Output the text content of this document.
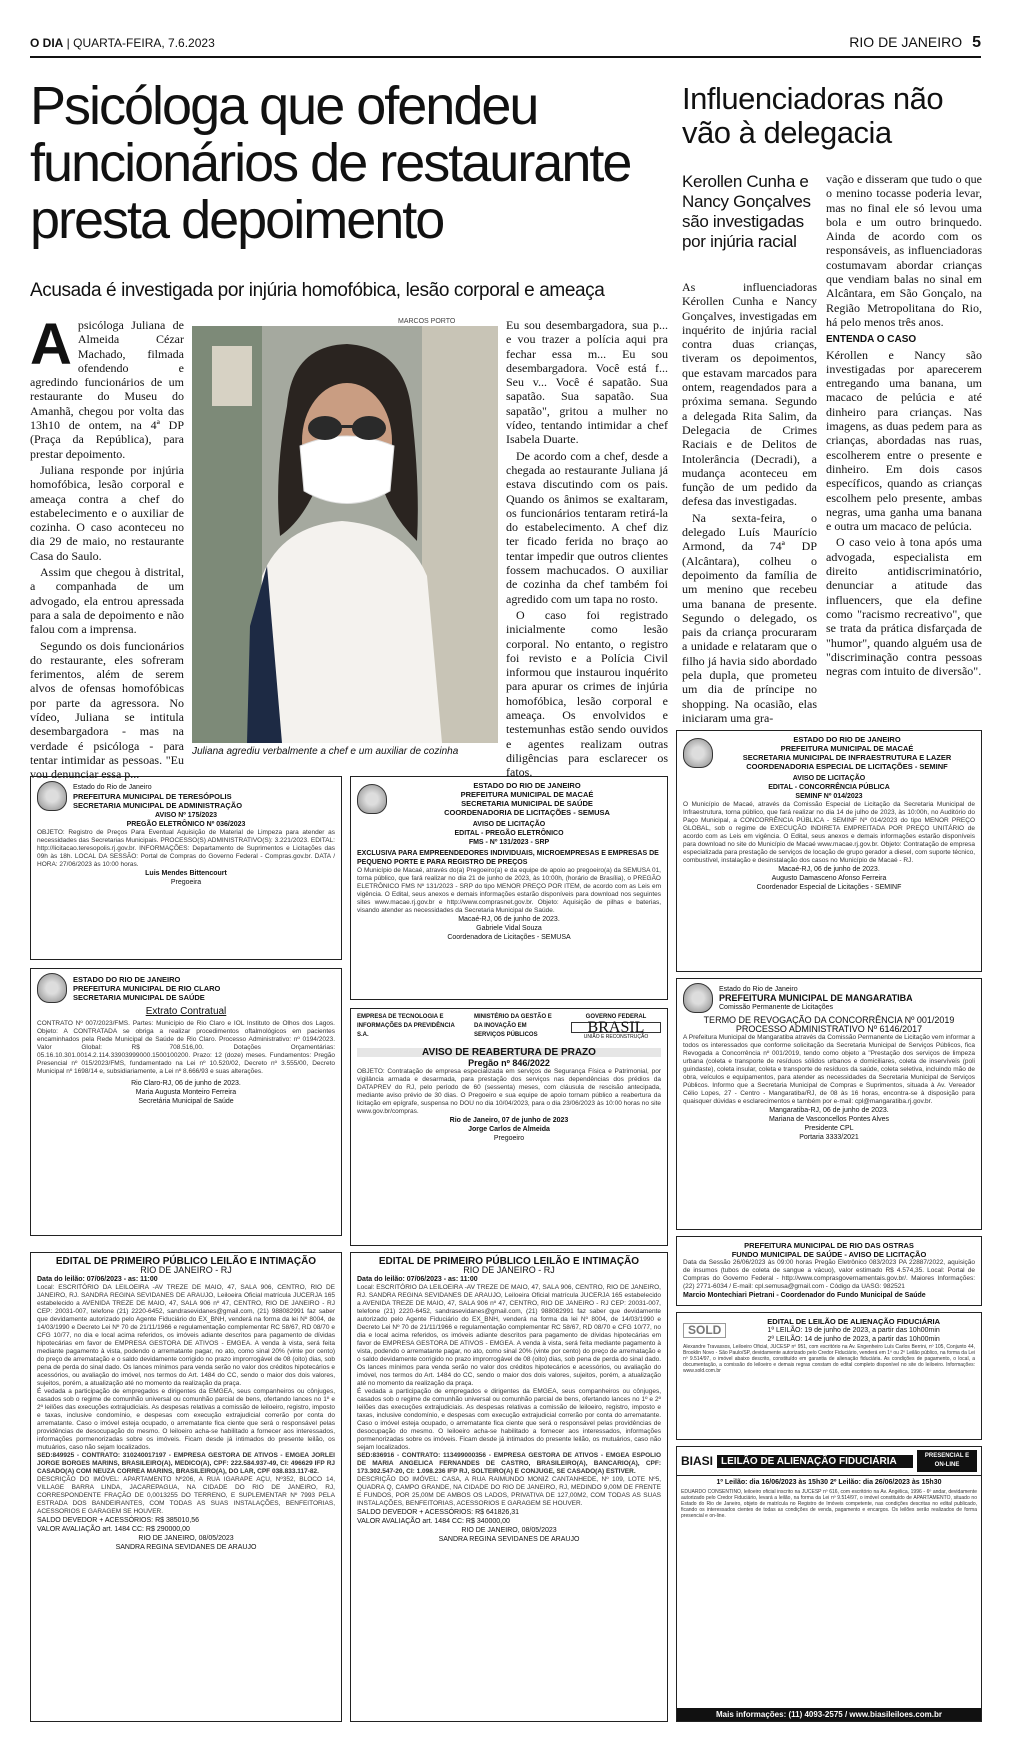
O DIA | QUARTA-FEIRA, 7.6.2023	RIO DE JANEIRO 5
Psicóloga que ofendeu funcionários de restaurante presta depoimento
Acusada é investigada por injúria homofóbica, lesão corporal e ameaça

Apsicóloga Juliana de Almeida Cézar Machado, filmada ofendendo e agredindo funcionários de um restaurante do Museu do Amanhã, chegou por volta das 13h10 de ontem, na 4ª DP (Praça da República), para prestar depoimento.

Juliana responde por injúria homofóbica, lesão corporal e ameaça contra a chef do estabelecimento e o auxiliar de cozinha. O caso aconteceu no dia 29 de maio, no restaurante Casa do Saulo.

Assim que chegou à distrital, a companhada de um advogado, ela entrou apressada para a sala de depoimento e não falou com a imprensa.

Segundo os dois funcionários do restaurante, eles sofreram ferimentos, além de serem alvos de ofensas homofóbicas por parte da agressora. No vídeo, Juliana se intitula desembargadora - mas na verdade é psicóloga - para tentar intimidar as pessoas. "Eu vou denunciar essa p...

MARCOS PORTO
Juliana agrediu verbalmente a chef e um auxiliar de cozinha

Eu sou desembargadora, sua p... e vou trazer a polícia aqui pra fechar essa m... Eu sou desembargadora. Você está f... Seu v... Você é sapatão. Sua sapatão. Sua sapatão. Sua sapatão", gritou a mulher no vídeo, tentando intimidar a chef Isabela Duarte.

De acordo com a chef, desde a chegada ao restaurante Juliana já estava discutindo com os pais. Quando os ânimos se exaltaram, os funcionários tentaram retirá-la do estabelecimento. A chef diz ter ficado ferida no braço ao tentar impedir que outros clientes fossem machucados. O auxiliar de cozinha da chef também foi agredido com um tapa no rosto.

O caso foi registrado inicialmente como lesão corporal. No entanto, o registro foi revisto e a Polícia Civil informou que instaurou inquérito para apurar os crimes de injúria homofóbica, lesão corporal e ameaça. Os envolvidos e testemunhas estão sendo ouvidos e agentes realizam outras diligências para esclarecer os fatos.

Influenciadoras não vão à delegacia
Kerollen Cunha e Nancy Gonçalves são investigadas por injúria racial

As influenciadoras Kérollen Cunha e Nancy Gonçalves, investigadas em inquérito de injúria racial contra duas crianças, tiveram os depoimentos, que estavam marcados para ontem, reagendados para a próxima semana. Segundo a delegada Rita Salim, da Delegacia de Crimes Raciais e de Delitos de Intolerância (Decradi), a mudança aconteceu em função de um pedido da defesa das investigadas.

Na sexta-feira, o delegado Luís Maurício Armond, da 74ª DP (Alcântara), colheu o depoimento da família de um menino que recebeu uma banana de presente. Segundo o delegado, os pais da criança procuraram a unidade e relataram que o filho já havia sido abordado pela dupla, que prometeu um dia de príncipe no shopping. Na ocasião, elas iniciaram uma gra-

vação e disseram que tudo o que o menino tocasse poderia levar, mas no final ele só levou uma bola e um outro brinquedo. Ainda de acordo com os responsáveis, as influenciadoras costumavam abordar crianças que vendiam balas no sinal em Alcântara, em São Gonçalo, na Região Metropolitana do Rio, há pelo menos três anos.

ENTENDA O CASO

Kérollen e Nancy são investigadas por aparecerem entregando uma banana, um macaco de pelúcia e até dinheiro para crianças. Nas imagens, as duas pedem para as crianças, abordadas nas ruas, escolherem entre o presente e dinheiro. Em dois casos específicos, quando as crianças escolhem pelo presente, ambas negras, uma ganha uma banana e outra um macaco de pelúcia.

O caso veio à tona após uma advogada, especialista em direito antidiscriminatório, denunciar a atitude das influencers, que ela define como "racismo recreativo", que se trata da prática disfarçada de "humor", quando alguém usa de "discriminação contra pessoas negras com intuito de diversão".

Estado do Rio de Janeiro
PREFEITURA MUNICIPAL DE TERESÓPOLIS
SECRETARIA MUNICIPAL DE ADMINISTRAÇÃO
AVISO Nº 175/2023
PREGÃO ELETRÔNICO Nº 036/2023
OBJETO: Registro de Preços Para Eventual Aquisição de Material de Limpeza para atender as necessidades das Secretarias Municipais. PROCESSO(S) ADMINISTRATIVO(S): 3.221/2023. EDITAL: http://licitacao.teresopolis.rj.gov.br. INFORMAÇÕES: Departamento de Suprimentos e Licitações das 09h às 18h. LOCAL DA SESSÃO: Portal de Compras do Governo Federal - Compras.gov.br. DATA / HORA: 27/06/2023 às 10:00 horas.
Luis Mendes Bittencourt
Pregoeira
ESTADO DO RIO DE JANEIRO
PREFEITURA MUNICIPAL DE MACAÉ
SECRETARIA MUNICIPAL DE SAÚDE
COORDENADORIA DE LICITAÇÕES - SEMUSA
AVISO DE LICITAÇÃO
EDITAL - PREGÃO ELETRÔNICO
FMS - Nº 131/2023 - SRP
EXCLUSIVA PARA EMPREENDEDORES INDIVIDUAIS, MICROEMPRESAS E EMPRESAS DE PEQUENO PORTE E PARA REGISTRO DE PREÇOS
O Município de Macaé, através do(a) Pregoeiro(a) e da equipe de apoio ao pregoeiro(a) da SEMUSA 01, torna público, que fará realizar no dia 21 de junho de 2023, às 10:00h, (horário de Brasília), o PREGÃO ELETRÔNICO FMS Nº 131/2023 - SRP do tipo MENOR PREÇO POR ITEM, de acordo com as Leis em vigência. O Edital, seus anexos e demais informações estarão disponíveis para download nos seguintes sites www.macae.rj.gov.br e http://www.comprasnet.gov.br. Objeto: Aquisição de pilhas e baterias, visando atender as necessidades da Secretaria Municipal de Saúde.
Macaé-RJ, 06 de junho de 2023.
Gabriele Vidal Souza
Coordenadora de Licitações - SEMUSA
ESTADO DO RIO DE JANEIRO
PREFEITURA MUNICIPAL DE MACAÉ
SECRETARIA MUNICIPAL DE INFRAESTRUTURA E LAZER
COORDENADORIA ESPECIAL DE LICITAÇÕES - SEMINF
AVISO DE LICITAÇÃO
EDITAL - CONCORRÊNCIA PÚBLICA
SEMINF Nº 014/2023
O Município de Macaé, através da Comissão Especial de Licitação da Secretaria Municipal de Infraestrutura, torna público, que fará realizar no dia 14 de julho de 2023, às 10:00h, no Auditório do Paço Municipal, a CONCORRÊNCIA PÚBLICA - SEMINF Nº 014/2023 do tipo MENOR PREÇO GLOBAL, sob o regime de EXECUÇÃO INDIRETA EMPREITADA POR PREÇO UNITÁRIO de acordo com as Leis em vigência. O Edital, seus anexos e demais informações estarão disponíveis para download no site do Município de Macaé www.macae.rj.gov.br. Objeto: Contratação de empresa especializada para prestação de serviços de locação de grupo gerador a diesel, com suporte técnico, combustível, instalação e desinstalação dos casos no Município de Macaé - RJ.
Macaé-RJ, 06 de junho de 2023.
Augusto Damasceno Afonso Ferreira
Coordenador Especial de Licitações - SEMINF
ESTADO DO RIO DE JANEIRO
PREFEITURA MUNICIPAL DE RIO CLARO
SECRETARIA MUNICIPAL DE SAÚDE
Extrato Contratual
CONTRATO Nº 007/2023/FMS. Partes: Município de Rio Claro e IOL Instituto de Olhos dos Lagos. Objeto: A CONTRATADA se obriga a realizar procedimentos oftalmológicos em pacientes encaminhados pela Rede Municipal de Saúde de Rio Claro. Processo Administrativo: nº 0194/2023. Valor Global: R$ 708.516,00. Dotações Orçamentárias: 05.16.10.301.0014.2.114.33903999000.1500100200. Prazo: 12 (doze) meses. Fundamentos: Pregão Presencial nº 015/2023/FMS, fundamentado na Lei nº 10.520/02, Decreto nº 3.555/00, Decreto Municipal nº 1698/14 e, subsidiariamente, a Lei nº 8.666/93 e suas alterações.
Rio Claro-RJ, 06 de junho de 2023.
Maria Augusta Monteiro Ferreira
Secretária Municipal de Saúde
EMPRESA DE TECNOLOGIA E INFORMAÇÕES DA PREVIDÊNCIA S.A.
MINISTÉRIO DA GESTÃO E DA INOVAÇÃO EM SERVIÇOS PÚBLICOS
GOVERNO FEDERAL
BRASIL
UNIÃO E RECONSTRUÇÃO
AVISO DE REABERTURA DE PRAZO
Pregão nº 846/2022
OBJETO: Contratação de empresa especializada em serviços de Segurança Física e Patrimonial, por vigilância armada e desarmada, para prestação dos serviços nas dependências dos prédios da DATAPREV do RJ, pelo período de 60 (sessenta) meses, com cláusula de rescisão antecipada, mediante aviso prévio de 30 dias. O Pregoeiro e sua equipe de apoio tornam público a reabertura da licitação em epígrafe, suspensa no DOU no dia 10/04/2023, para o dia 23/06/2023 às 10:00 horas no site www.gov.br/compras.
Rio de Janeiro, 07 de junho de 2023
Jorge Carlos de Almeida
Pregoeiro
Estado do Rio de Janeiro
PREFEITURA MUNICIPAL DE MANGARATIBA
Comissão Permanente de Licitações
TERMO DE REVOGAÇÃO DA CONCORRÊNCIA Nº 001/2019
PROCESSO ADMINISTRATIVO Nº 6146/2017
A Prefeitura Municipal de Mangaratiba através da Comissão Permanente de Licitação vem informar a todos os interessados que conforme solicitação da Secretaria Municipal de Serviços Públicos, fica Revogada a Concorrência nº 001/2019, tendo como objeto a "Prestação dos serviços de limpeza urbana (coleta e transporte de resíduos sólidos urbanos e domiciliares, coleta de inservíveis (poli guindaste), coleta insular, coleta e transporte de resíduos da saúde, coleta seletiva, incluindo mão de obra, veículos e equipamentos, para atender as necessidades da Secretaria Municipal de Serviços Públicos. Informo que a Secretaria Municipal de Compras e Suprimentos, situada à Av. Vereador Célio Lopes, 27 - Centro - Mangaratiba/RJ, de 08 às 16 horas, encontra-se à disposição para quaisquer dúvidas e esclarecimentos e também por e-mail: cpl@mangaratiba.rj.gov.br.
Mangaratiba-RJ, 06 de junho de 2023.
Mariana de Vasconcellos Pontes Alves
Presidente CPL
Portaria 3333/2021
PREFEITURA MUNICIPAL DE RIO DAS OSTRAS
FUNDO MUNICIPAL DE SAÚDE - AVISO DE LICITAÇÃO
Data da Sessão 26/06/2023 às 09:00 horas Pregão Eletrônico 083/2023 PA 22887/2022, aquisição de insumos (tubos de coleta de sangue a vácuo), valor estimado R$ 4.574,35. Local: Portal de Compras do Governo Federal - http://www.comprasgovernamentais.gov.br/. Maiores Informações: (22) 2771-6034 / E-mail: cpl.semusa@gmail.com - Código da UASG: 982521
Marcio Montechiari Pietrani - Coordenador do Fundo Municipal de Saúde
SOLD
EDITAL DE LEILÃO DE ALIENAÇÃO FIDUCIÁRIA
1º LEILÃO: 19 de junho de 2023, a partir das 10h00min
2º LEILÃO: 14 de junho de 2023, a partir das 10h00min
Alexandre Travassos, Leiloeiro Oficial, JUCESP nº 951, com escritório na Av. Engenheiro Luís Carlos Berrini, nº 105, Conjunto 44, Brooklin Novo - São Paulo/SP, devidamente autorizado pelo Credor Fiduciário, venderá em 1º ou 2º Leilão público, na forma da Lei nº 9.514/97, o imóvel abaixo descrito, constituído em garantia de alienação fiduciária. As condições de pagamento, o local, a documentação, a comissão do leiloeiro e demais regras constam do edital completo disponível no site do leiloeiro. Informações: www.sold.com.br
BIASI LEILÃO DE ALIENAÇÃO FIDUCIÁRIA	PRESENCIAL E ON-LINE
1º Leilão: dia 16/06/2023 às 15h30 2º Leilão: dia 26/06/2023 às 15h30
EDUARDO CONSENTINO, leiloeiro oficial inscrito na JUCESP nº 616, com escritório na Av. Angélica, 1996 - 6º andar, devidamente autorizado pelo Credor Fiduciário, levará a leilão, na forma da Lei nº 9.514/97, o imóvel constituído de APARTAMENTO, situado no Estado do Rio de Janeiro, objeto de matrícula no Registro de Imóveis competente, nas condições descritas no edital publicado, ficando os interessados cientes de todas as condições de venda, pagamento e encargos. Os leilões serão realizados de forma presencial e on-line.
Mais informações: (11) 4093-2575 / www.biasileiloes.com.br
EDITAL DE PRIMEIRO PÚBLICO LEILÃO E INTIMAÇÃO
RIO DE JANEIRO - RJ
Data do leilão: 07/06/2023 - as: 11:00
Local: ESCRITÓRIO DA LEILOEIRA -AV TREZE DE MAIO, 47, SALA 906, CENTRO, RIO DE JANEIRO, RJ. SANDRA REGINA SEVIDANES DE ARAUJO, Leiloeira Oficial matrícula JUCERJA 165 estabelecido a AVENIDA TREZE DE MAIO, 47, SALA 906 nº 47, CENTRO, RIO DE JANEIRO - RJ CEP: 20031-007, telefone (21) 2220-6452, sandrasevidanes@gmail.com, (21) 988082991 faz saber que devidamente autorizado pelo Agente Fiduciário do EX_BNH, venderá na forma da lei Nº 8004, de 14/03/1990 e Decreto Lei Nº 70 de 21/11/1966 e regulamentação complementar RC 58/67, RD 08/70 e CFG 10/77, no dia e local acima referidos, os imóveis adiante descritos para pagamento de dívidas hipotecárias em favor de EMPRESA GESTORA DE ATIVOS - EMGEA. A venda à vista, será feita mediante pagamento à vista, podendo o arrematante pagar, no ato, como sinal 20% (vinte por cento) do preço de arrematação e o saldo devidamente corrigido no prazo improrrogável de 08 (oito) dias, sob pena de perda do sinal dado. Os lances mínimos para venda serão no valor dos créditos hipotecários e acessórios, ou avaliação do imóvel, nos termos do Art. 1484 do CC, sendo o maior dos dois valores, sujeitos, porém, a atualização até no momento da realização da praça.
É vedada a participação de empregados e dirigentes da EMGEA, seus companheiros ou cônjuges, casados sob o regime de comunhão universal ou comunhão parcial de bens, ofertando lances no 1º e 2º leilões das execuções extrajudiciais. As despesas relativas a comissão de leiloeiro, registro, imposto e taxas, inclusive condomínio, e despesas com execução extrajudicial correrão por conta do arrematante. Caso o imóvel esteja ocupado, o arrematante fica ciente que será o responsável pelas providências de desocupação do mesmo. O leiloeiro acha-se habilitado a fornecer aos interessados, informações pormenorizadas sobre os imóveis. Ficam desde já intimados do presente leilão, os mutuários, caso não sejam localizados.
SED:849925 - CONTRATO: 310240017197 - EMPRESA GESTORA DE ATIVOS - EMGEA JORLEI JORGE BORGES MARINS, BRASILEIRO(A), MEDICO(A), CPF: 222.584.937-49, CI: 496629 IFP RJ CASADO(A) COM NEUZA CORREA MARINS, BRASILEIRO(A), DO LAR, CPF 038.833.117-82.
DESCRIÇÃO DO IMÓVEL: APARTAMENTO Nº206, A RUA IGARAPE AÇU, Nº352, BLOCO 14, VILLAGE BARRA LINDA, JACAREPAGUA, NA CIDADE DO RIO DE JANEIRO, RJ, CORRESPONDENTE FRAÇÃO DE 0,0013255 DO TERRENO, E SUPLEMENTAR Nº 7993 PELA ESTRADA DOS BANDEIRANTES, COM TODAS AS SUAS INSTALAÇÕES, BENFEITORIAS, ACESSORIOS E GARAGEM SE HOUVER.
SALDO DEVEDOR + ACESSÓRIOS: R$ 385010,56
VALOR AVALIAÇÃO art. 1484 CC: R$ 290000,00
RIO DE JANEIRO, 08/05/2023
SANDRA REGINA SEVIDANES DE ARAUJO
EDITAL DE PRIMEIRO PÚBLICO LEILÃO E INTIMAÇÃO
RIO DE JANEIRO - RJ
Data do leilão: 07/06/2023 - as: 11:00
Local: ESCRITÓRIO DA LEILOEIRA -AV TREZE DE MAIO, 47, SALA 906, CENTRO, RIO DE JANEIRO, RJ. SANDRA REGINA SEVIDANES DE ARAUJO, Leiloeira Oficial matrícula JUCERJA 165 estabelecido a AVENIDA TREZE DE MAIO, 47, SALA 906 nº 47, CENTRO, RIO DE JANEIRO - RJ CEP: 20031-007, telefone (21) 2220-6452, sandrasevidanes@gmail.com, (21) 988082991 faz saber que devidamente autorizado pelo Agente Fiduciário do EX_BNH, venderá na forma da lei Nº 8004, de 14/03/1990 e Decreto Lei Nº 70 de 21/11/1966 e regulamentação complementar RC 58/67, RD 08/70 e CFG 10/77, no dia e local acima referidos, os imóveis adiante descritos para pagamento de dívidas hipotecárias em favor de EMPRESA GESTORA DE ATIVOS - EMGEA. A venda à vista, será feita mediante pagamento à vista, podendo o arrematante pagar, no ato, como sinal 20% (vinte por cento) do preço de arrematação e o saldo devidamente corrigido no prazo improrrogável de 08 (oito) dias, sob pena de perda do sinal dado. Os lances mínimos para venda serão no valor dos créditos hipotecários e acessórios, ou avaliação do imóvel, nos termos do Art. 1484 do CC, sendo o maior dos dois valores, sujeitos, porém, a atualização até no momento da realização da praça.
É vedada a participação de empregados e dirigentes da EMGEA, seus companheiros ou cônjuges, casados sob o regime de comunhão universal ou comunhão parcial de bens, ofertando lances no 1º e 2º leilões das execuções extrajudiciais. As despesas relativas a comissão de leiloeiro, registro, imposto e taxas, inclusive condomínio, e despesas com execução extrajudicial correrão por conta do arrematante. Caso o imóvel esteja ocupado, o arrematante fica ciente que será o responsável pelas providências de desocupação do mesmo. O leiloeiro acha-se habilitado a fornecer aos interessados, informações pormenorizadas sobre os imóveis. Ficam desde já intimados do presente leilão, os mutuários, caso não sejam localizados.
SED:836916 - CONTRATO: 113499000356 - EMPRESA GESTORA DE ATIVOS - EMGEA ESPOLIO DE MARIA ANGELICA FERNANDES DE CASTRO, BRASILEIRO(A), BANCARIO(A), CPF: 173.302.547-20, CI: 1.098.236 IFP RJ, SOLTEIRO(A) E CONJUGE, SE CASADO(A) ESTIVER.
DESCRIÇÃO DO IMÓVEL: CASA, A RUA RAIMUNDO MONIZ CANTANHEDE, Nº 109, LOTE Nº5, QUADRA Q, CAMPO GRANDE, NA CIDADE DO RIO DE JANEIRO, RJ, MEDINDO 9,00M DE FRENTE E FUNDOS, POR 25,00M DE AMBOS OS LADOS, PRIVATIVA DE 127,00M2, COM TODAS AS SUAS INSTALAÇÕES, BENFEITORIAS, ACESSORIOS E GARAGEM SE HOUVER.
SALDO DEVEDOR + ACESSÓRIOS: R$ 641826,31
VALOR AVALIAÇÃO art. 1484 CC: R$ 340000,00
RIO DE JANEIRO, 08/05/2023
SANDRA REGINA SEVIDANES DE ARAUJO
